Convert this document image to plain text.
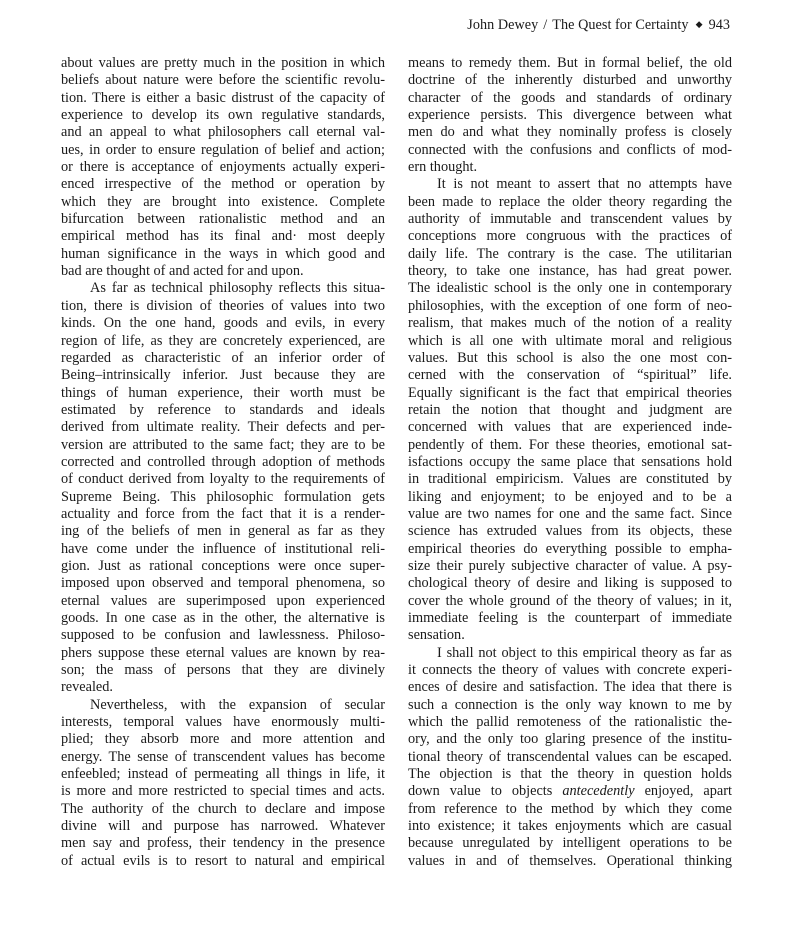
John Dewey / The Quest for Certainty ◆ 943
about values are pretty much in the position in which
beliefs about nature were before the scientific revolu-
tion. There is either a basic distrust of the capacity of
experience to develop its own regulative standards,
and an appeal to what philosophers call eternal val-
ues, in order to ensure regulation of belief and action;
or there is acceptance of enjoyments actually experi-
enced irrespective of the method or operation by
which they are brought into existence. Complete
bifurcation between rationalistic method and an
empirical method has its final and· most deeply
human significance in the ways in which good and
bad are thought of and acted for and upon.
As far as technical philosophy reflects this situa-
tion, there is division of theories of values into two
kinds. On the one hand, goods and evils, in every
region of life, as they are concretely experienced, are
regarded as characteristic of an inferior order of
Being–intrinsically inferior. Just because they are
things of human experience, their worth must be
estimated by reference to standards and ideals
derived from ultimate reality. Their defects and per-
version are attributed to the same fact; they are to be
corrected and controlled through adoption of methods
of conduct derived from loyalty to the requirements of
Supreme Being. This philosophic formulation gets
actuality and force from the fact that it is a render-
ing of the beliefs of men in general as far as they
have come under the influence of institutional reli-
gion. Just as rational conceptions were once super-
imposed upon observed and temporal phenomena, so
eternal values are superimposed upon experienced
goods. In one case as in the other, the alternative is
supposed to be confusion and lawlessness. Philoso-
phers suppose these eternal values are known by rea-
son; the mass of persons that they are divinely
revealed.
Nevertheless, with the expansion of secular
interests, temporal values have enormously multi-
plied; they absorb more and more attention and
energy. The sense of transcendent values has become
enfeebled; instead of permeating all things in life, it
is more and more restricted to special times and acts.
The authority of the church to declare and impose
divine will and purpose has narrowed. Whatever
men say and profess, their tendency in the presence
of actual evils is to resort to natural and empirical
means to remedy them. But in formal belief, the old
doctrine of the inherently disturbed and unworthy
character of the goods and standards of ordinary
experience persists. This divergence between what
men do and what they nominally profess is closely
connected with the confusions and conflicts of mod-
ern thought.
It is not meant to assert that no attempts have
been made to replace the older theory regarding the
authority of immutable and transcendent values by
conceptions more congruous with the practices of
daily life. The contrary is the case. The utilitarian
theory, to take one instance, has had great power.
The idealistic school is the only one in contemporary
philosophies, with the exception of one form of neo-
realism, that makes much of the notion of a reality
which is all one with ultimate moral and religious
values. But this school is also the one most con-
cerned with the conservation of “spiritual” life.
Equally significant is the fact that empirical theories
retain the notion that thought and judgment are
concerned with values that are experienced inde-
pendently of them. For these theories, emotional sat-
isfactions occupy the same place that sensations hold
in traditional empiricism. Values are constituted by
liking and enjoyment; to be enjoyed and to be a
value are two names for one and the same fact. Since
science has extruded values from its objects, these
empirical theories do everything possible to empha-
size their purely subjective character of value. A psy-
chological theory of desire and liking is supposed to
cover the whole ground of the theory of values; in it,
immediate feeling is the counterpart of immediate
sensation.
I shall not object to this empirical theory as far as
it connects the theory of values with concrete experi-
ences of desire and satisfaction. The idea that there is
such a connection is the only way known to me by
which the pallid remoteness of the rationalistic the-
ory, and the only too glaring presence of the institu-
tional theory of transcendental values can be escaped.
The objection is that the theory in question holds
down value to objects antecedently enjoyed, apart
from reference to the method by which they come
into existence; it takes enjoyments which are casual
because unregulated by intelligent operations to be
values in and of themselves. Operational thinking
